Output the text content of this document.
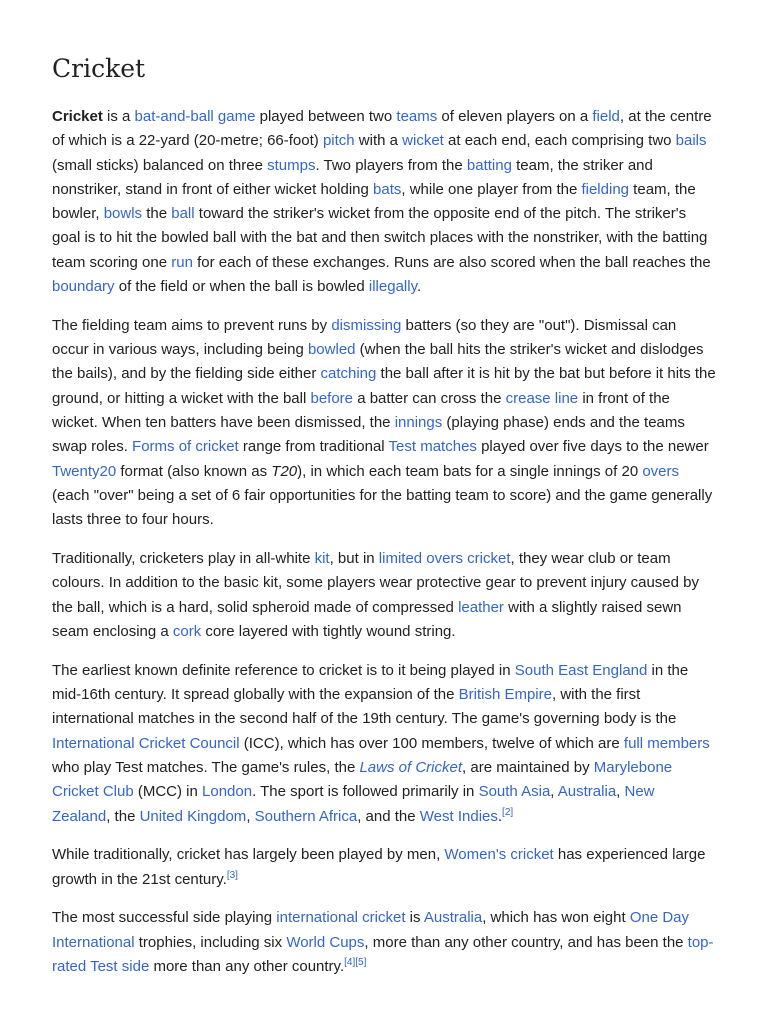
Cricket

Cricket is a bat-and-ball game played between two teams of eleven players on a field, at the centre of which is a 22-yard (20-metre; 66-foot) pitch with a wicket at each end, each comprising two bails (small sticks) balanced on three stumps. Two players from the batting team, the striker and nonstriker, stand in front of either wicket holding bats, while one player from the fielding team, the bowler, bowls the ball toward the striker's wicket from the opposite end of the pitch. The striker's goal is to hit the bowled ball with the bat and then switch places with the nonstriker, with the batting team scoring one run for each of these exchanges. Runs are also scored when the ball reaches the boundary of the field or when the ball is bowled illegally.

The fielding team aims to prevent runs by dismissing batters (so they are "out"). Dismissal can occur in various ways, including being bowled (when the ball hits the striker's wicket and dislodges the bails), and by the fielding side either catching the ball after it is hit by the bat but before it hits the ground, or hitting a wicket with the ball before a batter can cross the crease line in front of the wicket. When ten batters have been dismissed, the innings (playing phase) ends and the teams swap roles. Forms of cricket range from traditional Test matches played over five days to the newer Twenty20 format (also known as T20), in which each team bats for a single innings of 20 overs (each "over" being a set of 6 fair opportunities for the batting team to score) and the game generally lasts three to four hours.

Traditionally, cricketers play in all-white kit, but in limited overs cricket, they wear club or team colours. In addition to the basic kit, some players wear protective gear to prevent injury caused by the ball, which is a hard, solid spheroid made of compressed leather with a slightly raised sewn seam enclosing a cork core layered with tightly wound string.

The earliest known definite reference to cricket is to it being played in South East England in the mid-16th century. It spread globally with the expansion of the British Empire, with the first international matches in the second half of the 19th century. The game's governing body is the International Cricket Council (ICC), which has over 100 members, twelve of which are full members who play Test matches. The game's rules, the Laws of Cricket, are maintained by Marylebone Cricket Club (MCC) in London. The sport is followed primarily in South Asia, Australia, New Zealand, the United Kingdom, Southern Africa, and the West Indies.[2]

While traditionally, cricket has largely been played by men, Women's cricket has experienced large growth in the 21st century.[3]

The most successful side playing international cricket is Australia, which has won eight One Day International trophies, including six World Cups, more than any other country, and has been the top-rated Test side more than any other country.[4][5]
